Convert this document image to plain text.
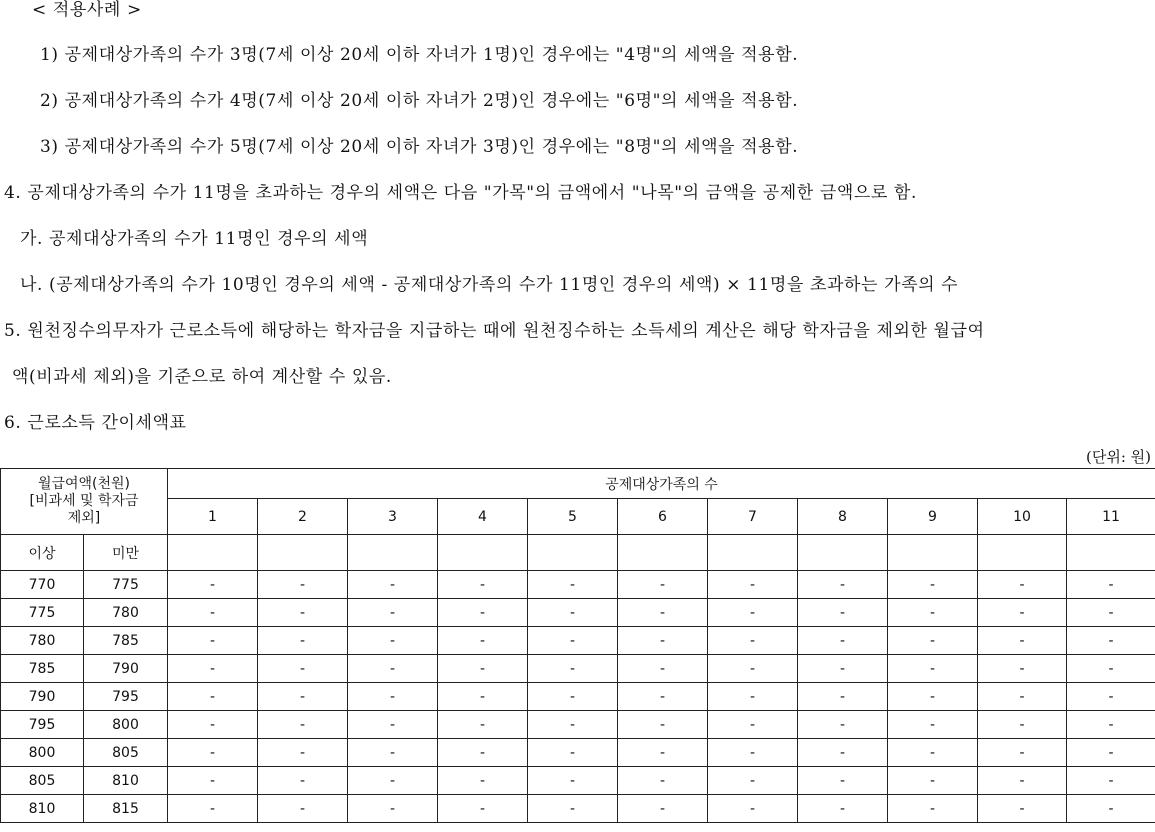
< 적용사례 >
1) 공제대상가족의 수가 3명(7세 이상 20세 이하 자녀가 1명)인 경우에는 "4명"의 세액을 적용함.
2) 공제대상가족의 수가 4명(7세 이상 20세 이하 자녀가 2명)인 경우에는 "6명"의 세액을 적용함.
3) 공제대상가족의 수가 5명(7세 이상 20세 이하 자녀가 3명)인 경우에는 "8명"의 세액을 적용함.
4. 공제대상가족의 수가 11명을 초과하는 경우의 세액은 다음 "가목"의 금액에서 "나목"의 금액을 공제한 금액으로 함.
가. 공제대상가족의 수가 11명인 경우의 세액
나. (공제대상가족의 수가 10명인 경우의 세액 - 공제대상가족의 수가 11명인 경우의 세액) × 11명을 초과하는 가족의 수
5. 원천징수의무자가 근로소득에 해당하는 학자금을 지급하는 때에 원천징수하는 소득세의 계산은 해당 학자금을 제외한 월급여
액(비과세 제외)을 기준으로 하여 계산할 수 있음.
6. 근로소득 간이세액표
(단위: 원)
월급여액(천원)
[비과세 및 학자금
제외]		공제대상가족의 수										
		1	2	3	4	5	6	7	8	9	10	11
이상	미만											
770	775	-	-	-	-	-	-	-	-	-	-	-
775	780	-	-	-	-	-	-	-	-	-	-	-
780	785	-	-	-	-	-	-	-	-	-	-	-
785	790	-	-	-	-	-	-	-	-	-	-	-
790	795	-	-	-	-	-	-	-	-	-	-	-
795	800	-	-	-	-	-	-	-	-	-	-	-
800	805	-	-	-	-	-	-	-	-	-	-	-
805	810	-	-	-	-	-	-	-	-	-	-	-
810	815	-	-	-	-	-	-	-	-	-	-	-
